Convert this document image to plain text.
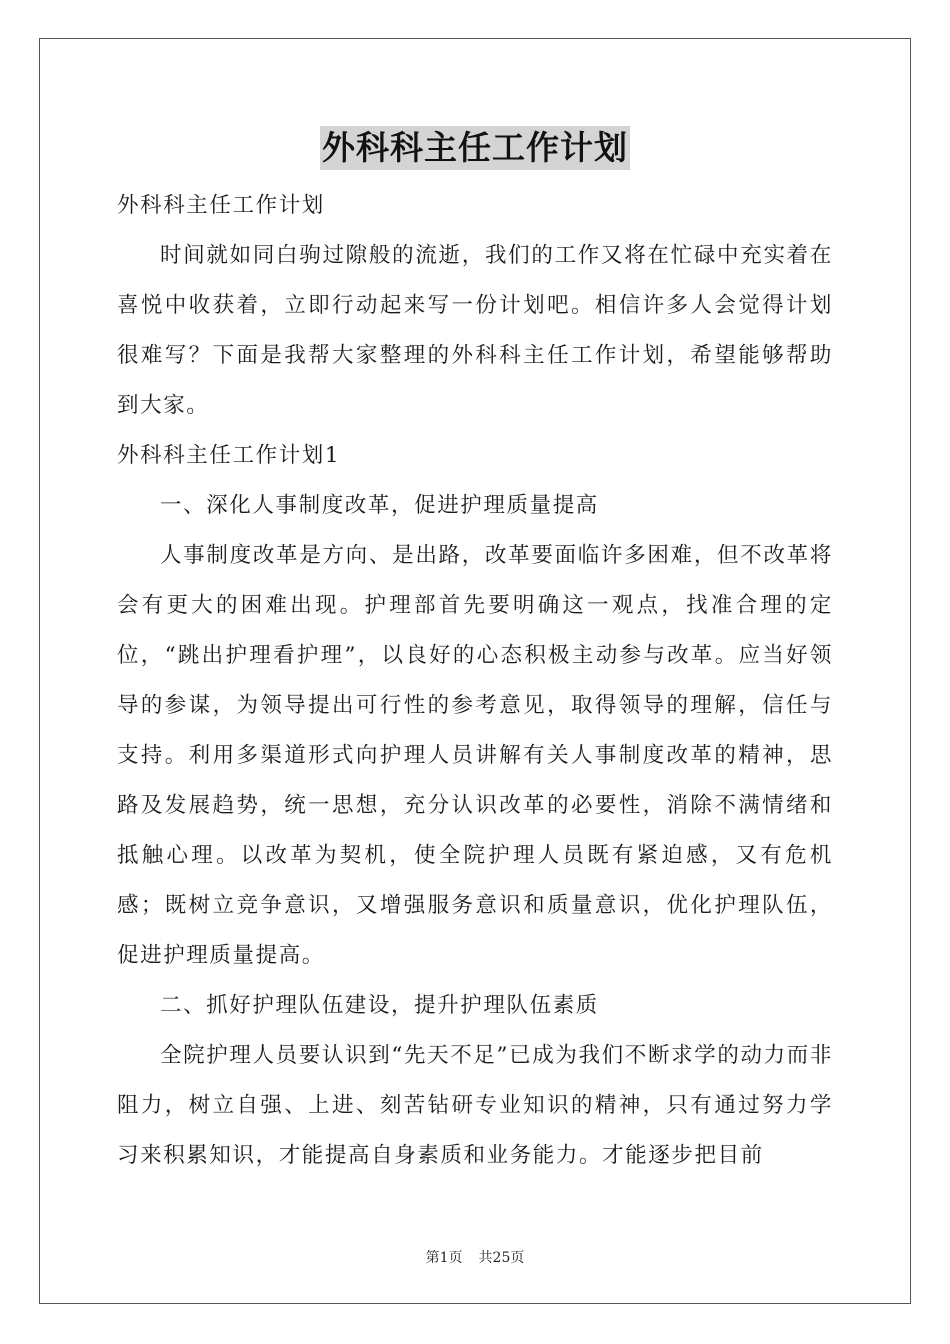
外科科主任工作计划

外科科主任工作计划

时间就如同白驹过隙般的流逝，我们的工作又将在忙碌中充实着在喜悦中收获着，立即行动起来写一份计划吧。相信许多人会觉得计划很难写？下面是我帮大家整理的外科科主任工作计划，希望能够帮助到大家。

外科科主任工作计划1

一、深化人事制度改革，促进护理质量提高

人事制度改革是方向、是出路，改革要面临许多困难，但不改革将会有更大的困难出现。护理部首先要明确这一观点，找准合理的定位，“跳出护理看护理”，以良好的心态积极主动参与改革。应当好领导的参谋，为领导提出可行性的参考意见，取得领导的理解，信任与支持。利用多渠道形式向护理人员讲解有关人事制度改革的精神，思路及发展趋势，统一思想，充分认识改革的必要性，消除不满情绪和抵触心理。以改革为契机，使全院护理人员既有紧迫感，又有危机感；既树立竞争意识，又增强服务意识和质量意识，优化护理队伍，促进护理质量提高。

二、抓好护理队伍建设，提升护理队伍素质

全院护理人员要认识到“先天不足”已成为我们不断求学的动力而非阻力，树立自强、上进、刻苦钻研专业知识的精神，只有通过努力学习来积累知识，才能提高自身素质和业务能力。才能逐步把目前

第1页 共25页
